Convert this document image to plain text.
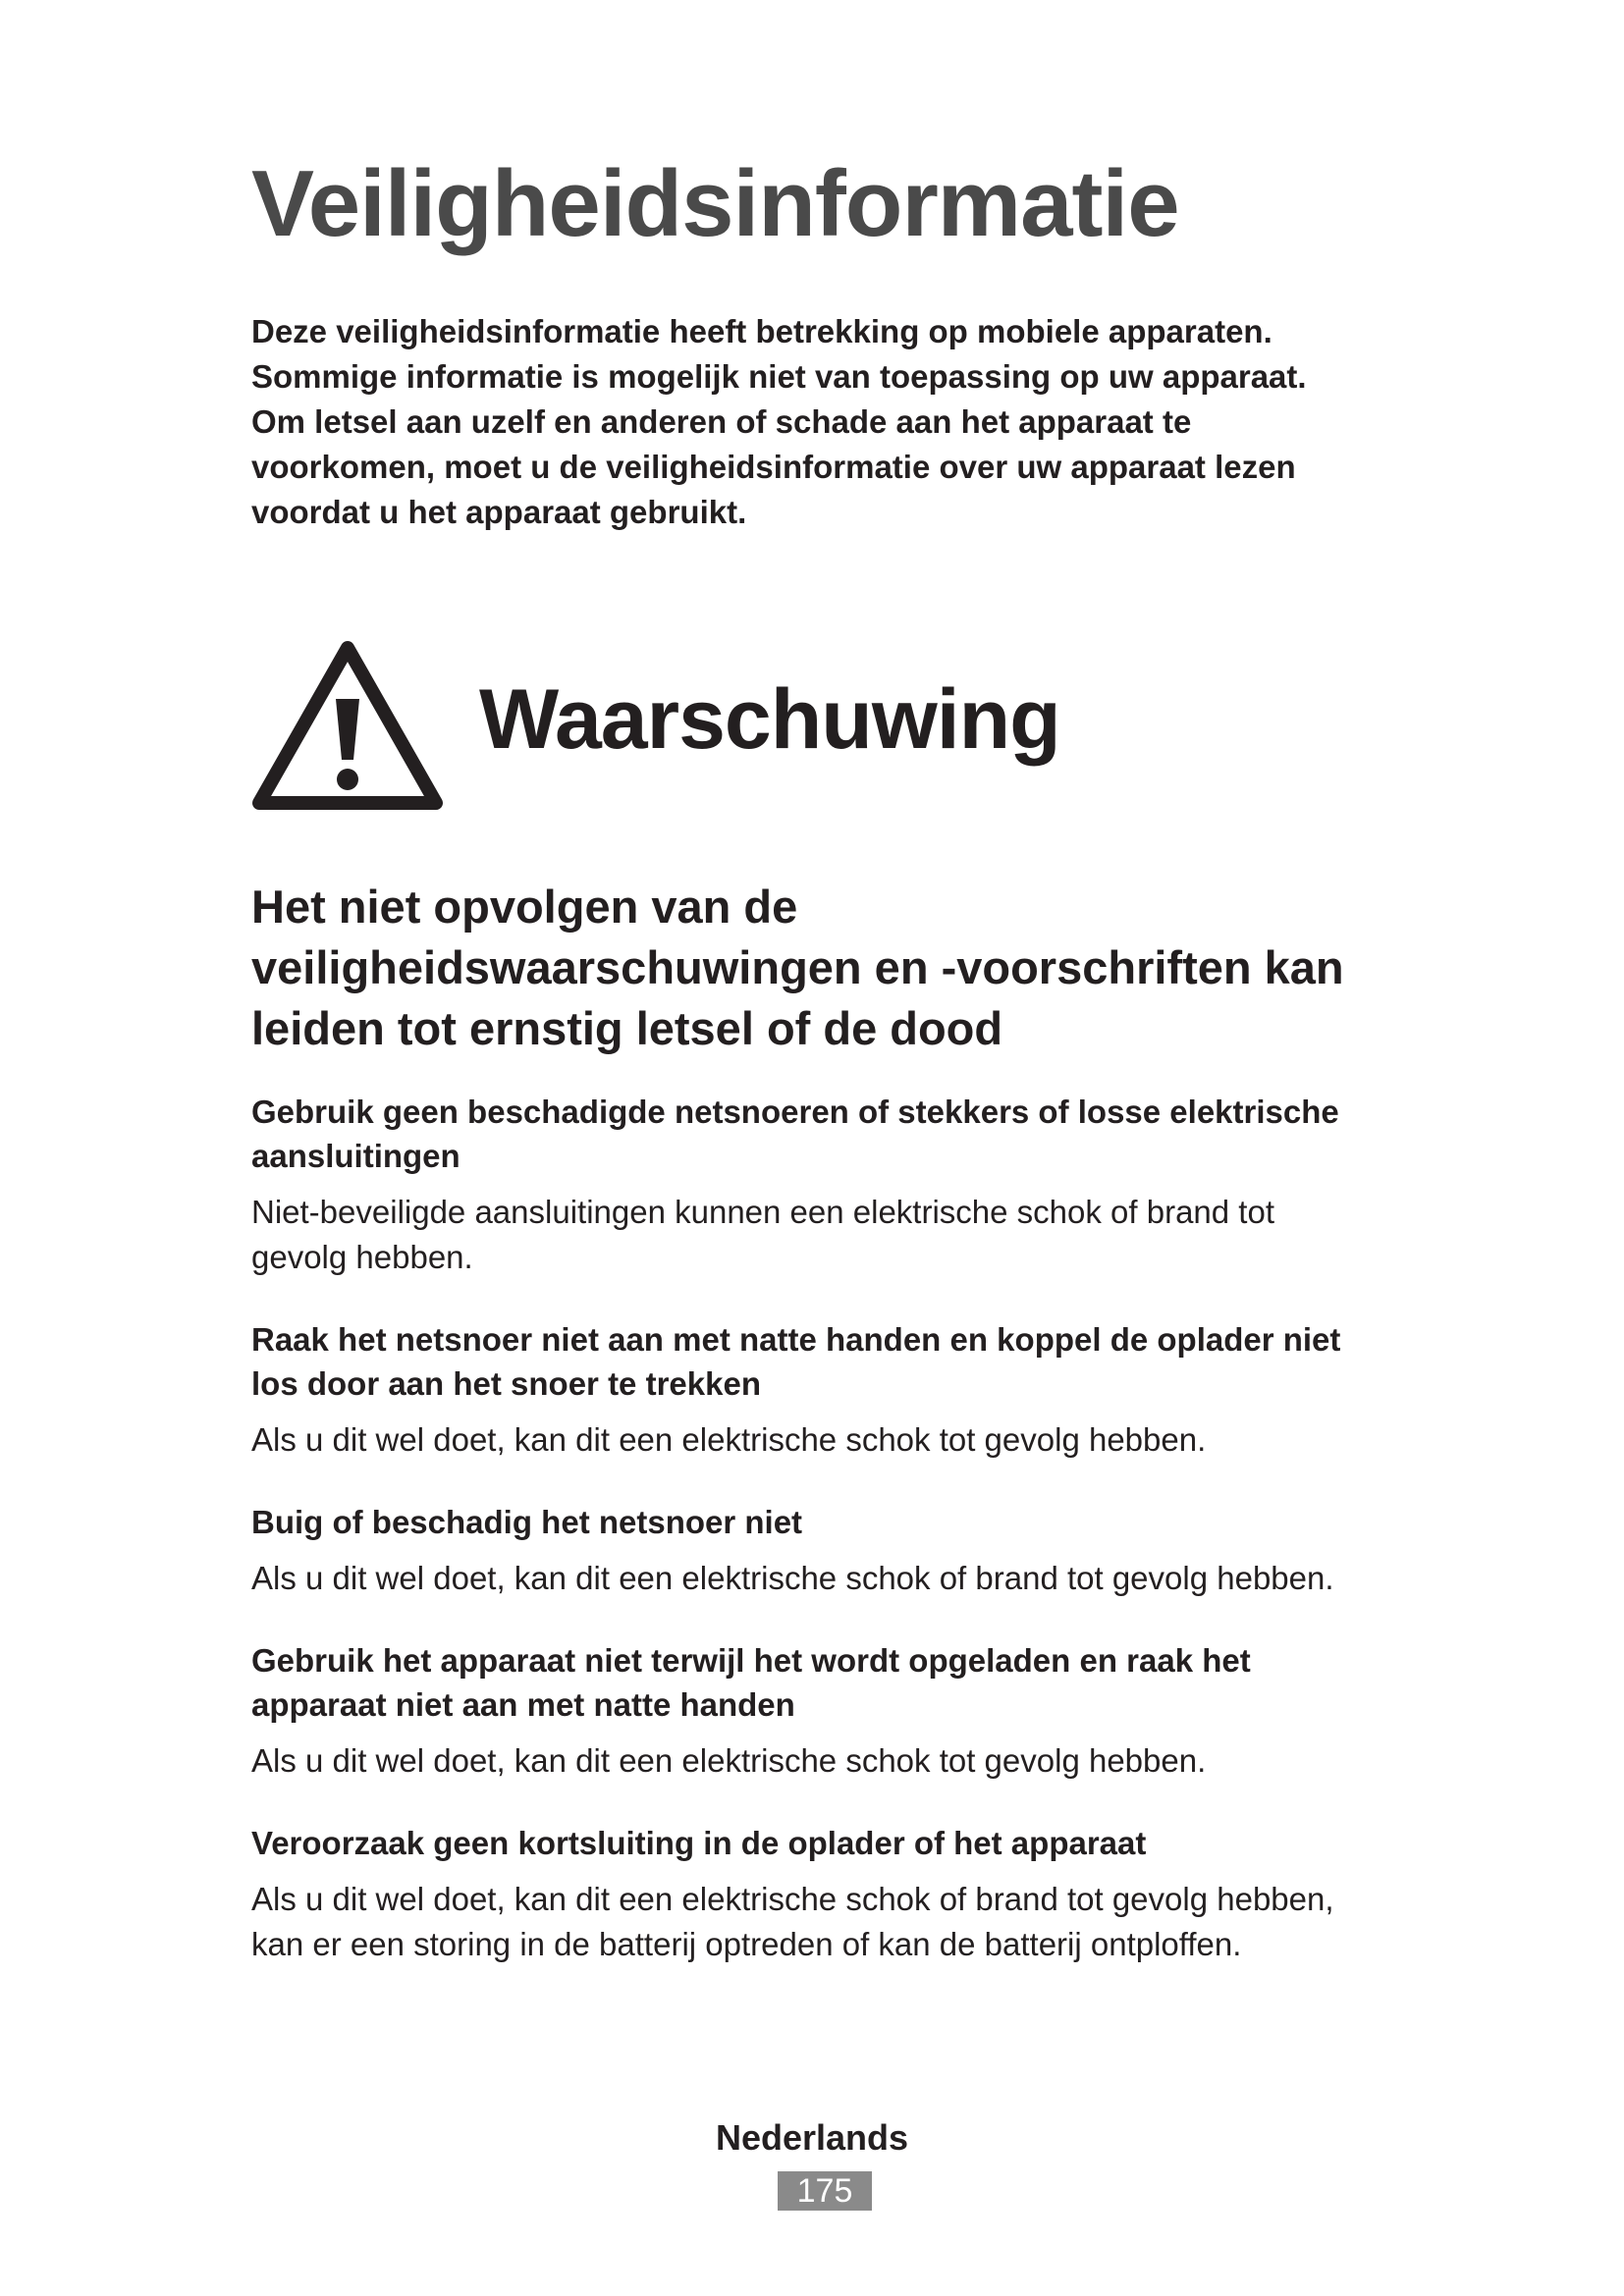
Veiligheidsinformatie

Deze veiligheidsinformatie heeft betrekking op mobiele apparaten.
Sommige informatie is mogelijk niet van toepassing op uw apparaat.
Om letsel aan uzelf en anderen of schade aan het apparaat te
voorkomen, moet u de veiligheidsinformatie over uw apparaat lezen
voordat u het apparaat gebruikt.

Waarschuwing
Het niet opvolgen van de
veiligheidswaarschuwingen en -voorschriften kan
leiden tot ernstig letsel of de dood
Gebruik geen beschadigde netsnoeren of stekkers of losse elektrische
aansluitingen

Niet-beveiligde aansluitingen kunnen een elektrische schok of brand tot
gevolg hebben.

Raak het netsnoer niet aan met natte handen en koppel de oplader niet
los door aan het snoer te trekken

Als u dit wel doet, kan dit een elektrische schok tot gevolg hebben.

Buig of beschadig het netsnoer niet

Als u dit wel doet, kan dit een elektrische schok of brand tot gevolg hebben.

Gebruik het apparaat niet terwijl het wordt opgeladen en raak het
apparaat niet aan met natte handen

Als u dit wel doet, kan dit een elektrische schok tot gevolg hebben.

Veroorzaak geen kortsluiting in de oplader of het apparaat

Als u dit wel doet, kan dit een elektrische schok of brand tot gevolg hebben,
kan er een storing in de batterij optreden of kan de batterij ontploffen.

Nederlands
175
